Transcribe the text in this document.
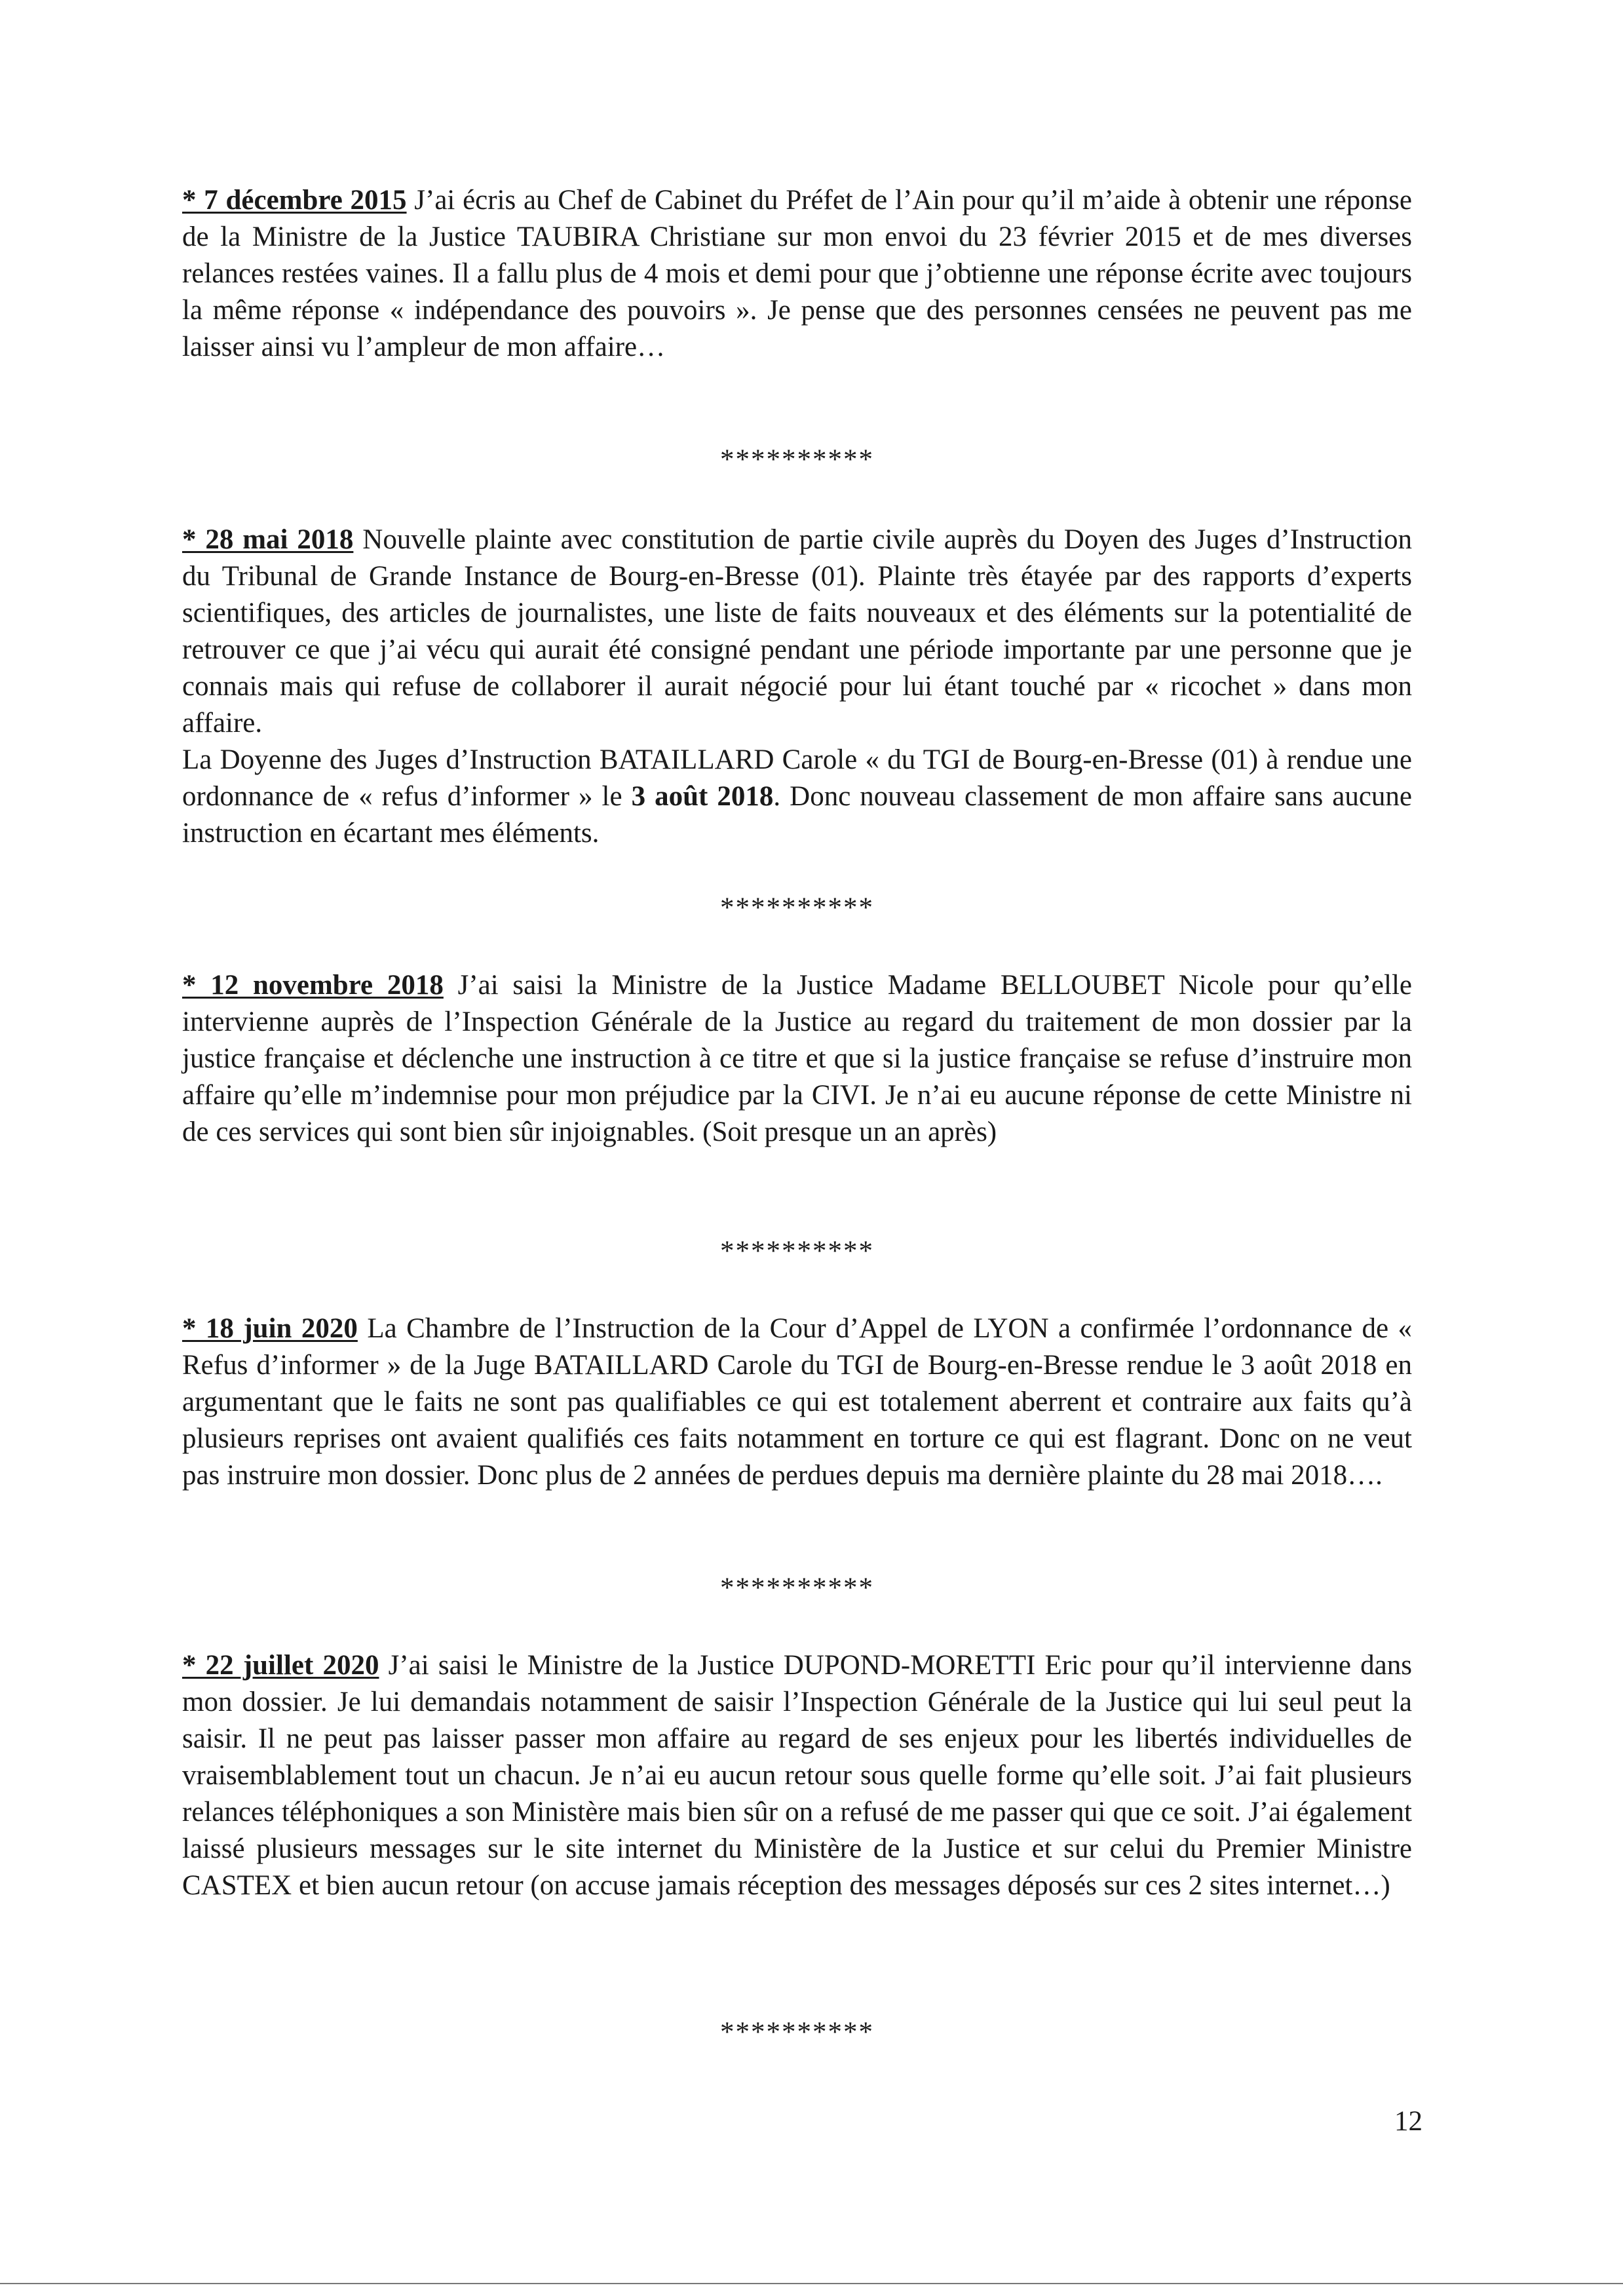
* 7 décembre 2015 J’ai écris au Chef de Cabinet du Préfet de l’Ain pour qu’il m’aide à obtenir une réponse de la Ministre de la Justice TAUBIRA Christiane sur mon envoi du 23 février 2015 et de mes diverses relances restées vaines. Il a fallu plus de 4 mois et demi pour que j’obtienne une réponse écrite avec toujours la même réponse « indépendance des pouvoirs ». Je pense que des personnes censées ne peuvent pas me laisser ainsi vu l’ampleur de mon affaire…

**********

* 28 mai 2018 Nouvelle plainte avec constitution de partie civile auprès du Doyen des Juges d’Instruction du Tribunal de Grande Instance de Bourg-en-Bresse (01). Plainte très étayée par des rapports d’experts scientifiques, des articles de journalistes, une liste de faits nouveaux et des éléments sur la potentialité de retrouver ce que j’ai vécu qui aurait été consigné pendant une période importante par une personne que je connais mais qui refuse de collaborer il aurait négocié pour lui étant touché par « ricochet » dans mon affaire.

La Doyenne des Juges d’Instruction BATAILLARD Carole « du TGI de Bourg-en-Bresse (01) à rendue une ordonnance de « refus d’informer » le 3 août 2018. Donc nouveau classement de mon affaire sans aucune instruction en écartant mes éléments.

**********

* 12 novembre 2018 J’ai saisi la Ministre de la Justice Madame BELLOUBET Nicole pour qu’elle intervienne auprès de l’Inspection Générale de la Justice au regard du traitement de mon dossier par la justice française et déclenche une instruction à ce titre et que si la justice française se refuse d’instruire mon affaire qu’elle m’indemnise pour mon préjudice par la CIVI. Je n’ai eu aucune réponse de cette Ministre ni de ces services qui sont bien sûr injoignables. (Soit presque un an après)

**********

* 18 juin 2020 La Chambre de l’Instruction de la Cour d’Appel de LYON a confirmée l’ordonnance de « Refus d’informer » de la Juge BATAILLARD Carole du TGI de Bourg-en-Bresse rendue le 3 août 2018 en argumentant que le faits ne sont pas qualifiables ce qui est totalement aberrent et contraire aux faits qu’à plusieurs reprises ont avaient qualifiés ces faits notamment en torture ce qui est flagrant. Donc on ne veut pas instruire mon dossier. Donc plus de 2 années de perdues depuis ma dernière plainte du 28 mai 2018….

**********

* 22 juillet 2020 J’ai saisi le Ministre de la Justice DUPOND-MORETTI Eric pour qu’il intervienne dans mon dossier. Je lui demandais notamment de saisir l’Inspection Générale de la Justice qui lui seul peut la saisir. Il ne peut pas laisser passer mon affaire au regard de ses enjeux pour les libertés individuelles de vraisemblablement tout un chacun. Je n’ai eu aucun retour sous quelle forme qu’elle soit. J’ai fait plusieurs relances téléphoniques a son Ministère mais bien sûr on a refusé de me passer qui que ce soit. J’ai également laissé plusieurs messages sur le site internet du Ministère de la Justice et sur celui du Premier Ministre CASTEX et bien aucun retour (on accuse jamais réception des messages déposés sur ces 2 sites internet…)

**********
12
